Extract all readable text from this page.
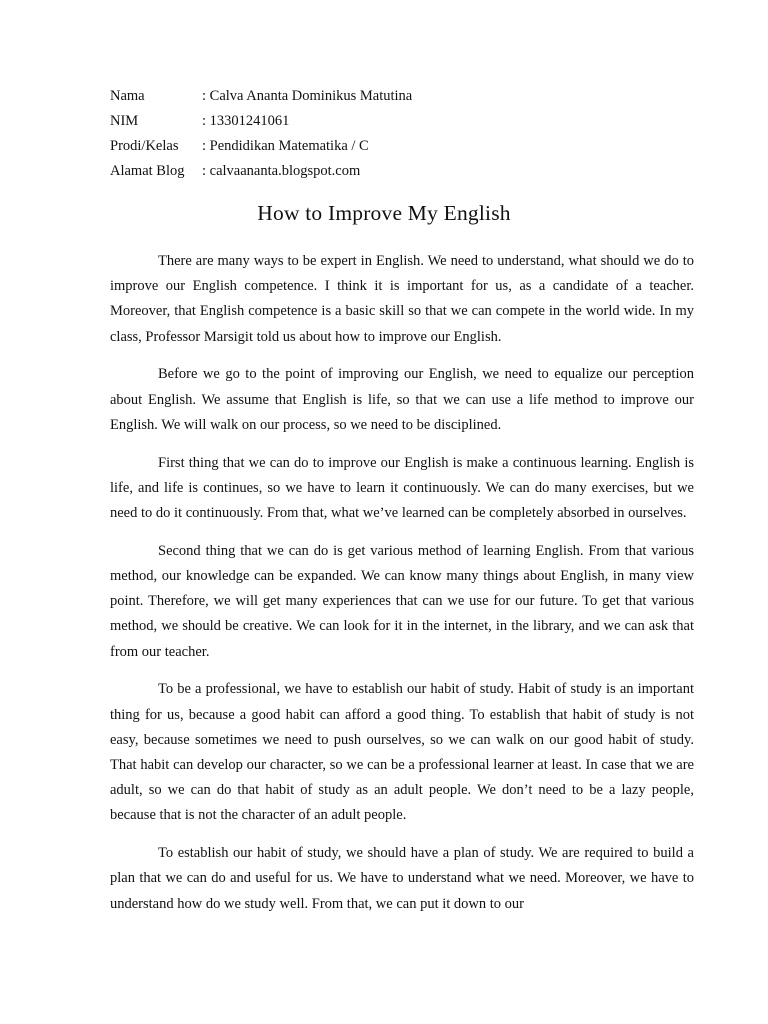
Nama	: Calva Ananta Dominikus Matutina
NIM	: 13301241061
Prodi/Kelas	: Pendidikan Matematika / C
Alamat Blog	: calvaananta.blogspot.com
How to Improve My English

There are many ways to be expert in English. We need to understand, what should we do to improve our English competence. I think it is important for us, as a candidate of a teacher. Moreover, that English competence is a basic skill so that we can compete in the world wide. In my class, Professor Marsigit told us about how to improve our English.

Before we go to the point of improving our English, we need to equalize our perception about English. We assume that English is life, so that we can use a life method to improve our English. We will walk on our process, so we need to be disciplined.

First thing that we can do to improve our English is make a continuous learning. English is life, and life is continues, so we have to learn it continuously. We can do many exercises, but we need to do it continuously. From that, what we’ve learned can be completely absorbed in ourselves.

Second thing that we can do is get various method of learning English. From that various method, our knowledge can be expanded. We can know many things about English, in many view point. Therefore, we will get many experiences that can we use for our future. To get that various method, we should be creative. We can look for it in the internet, in the library, and we can ask that from our teacher.

To be a professional, we have to establish our habit of study. Habit of study is an important thing for us, because a good habit can afford a good thing. To establish that habit of study is not easy, because sometimes we need to push ourselves, so we can walk on our good habit of study. That habit can develop our character, so we can be a professional learner at least. In case that we are adult, so we can do that habit of study as an adult people. We don’t need to be a lazy people, because that is not the character of an adult people.

To establish our habit of study, we should have a plan of study. We are required to build a plan that we can do and useful for us. We have to understand what we need. Moreover, we have to understand how do we study well. From that, we can put it down to our
